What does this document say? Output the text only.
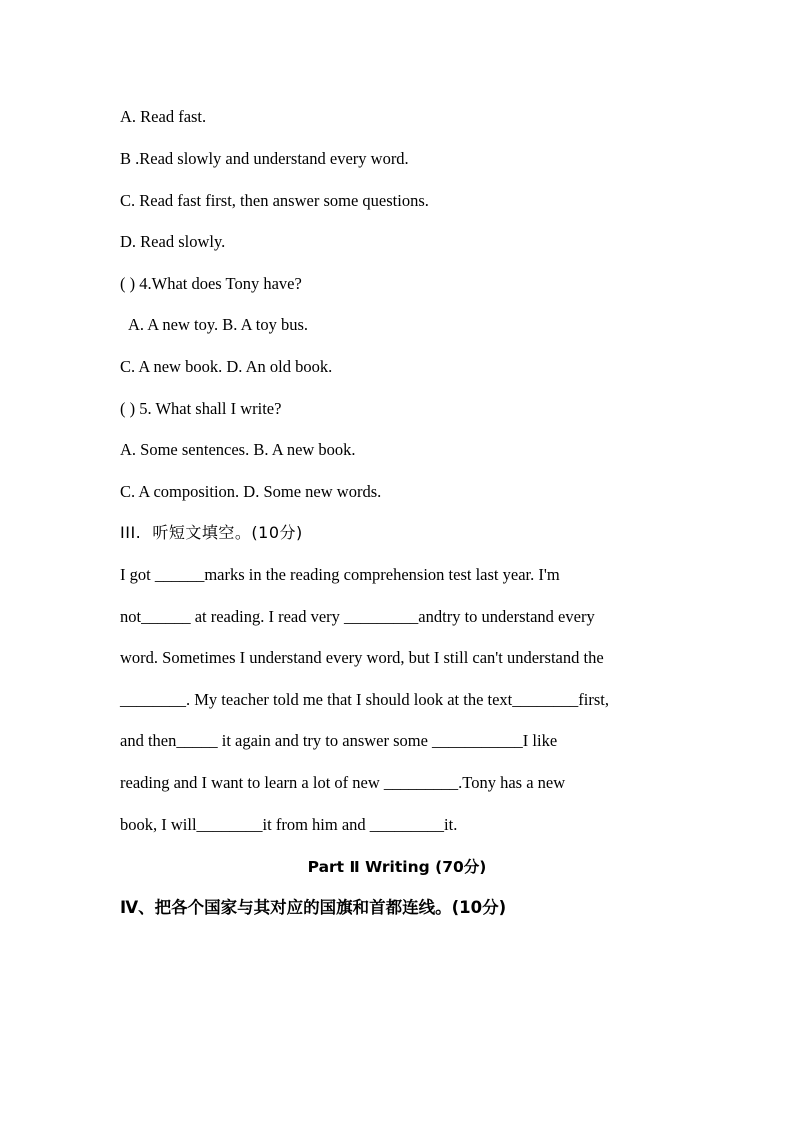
A. Read fast.
B .Read slowly and understand every word.
C. Read fast first, then answer some questions.
D. Read slowly.
( ) 4.What does Tony have?
A. A new toy. B. A toy bus.
C. A new book. D. An old book.
( ) 5. What shall I write?
A. Some sentences. B. A new book.
C. A composition. D. Some new words.
III.  听短文填空。(10分)
I got ______marks in the reading comprehension test last year. I'm
not______ at reading. I read very _________andtry to understand every
word. Sometimes I understand every word, but I still can't understand the
________. My teacher told me that I should look at the text________first,
and then_____ it again and try to answer some ___________I like
reading and I want to learn a lot of new _________.Tony has a new
book, I will________it from him and _________it.
Part Ⅱ Writing (70分)
Ⅳ、把各个国家与其对应的国旗和首都连线。(10分)
